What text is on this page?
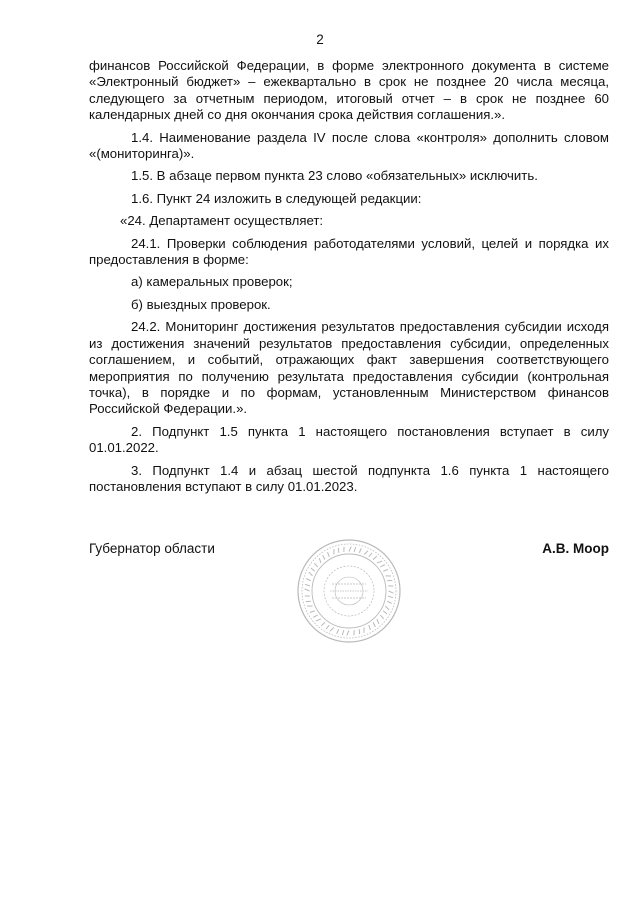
2

финансов Российской Федерации, в форме электронного документа в системе «Электронный бюджет» – ежеквартально в срок не позднее 20 числа месяца, следующего за отчетным периодом, итоговый отчет – в срок не позднее 60 календарных дней со дня окончания срока действия соглашения.».

1.4. Наименование раздела IV после слова «контроля» дополнить словом «(мониторинга)».

1.5. В абзаце первом пункта 23 слово «обязательных» исключить.

1.6. Пункт 24 изложить в следующей редакции:

«24. Департамент осуществляет:

24.1. Проверки соблюдения работодателями условий, целей и порядка их предоставления в форме:

а) камеральных проверок;

б) выездных проверок.

24.2. Мониторинг достижения результатов предоставления субсидии исходя из достижения значений результатов предоставления субсидии, определенных соглашением, и событий, отражающих факт завершения соответствующего мероприятия по получению результата предоставления субсидии (контрольная точка), в порядке и по формам, установленным Министерством финансов Российской Федерации.».

2. Подпункт 1.5 пункта 1 настоящего постановления вступает в силу 01.01.2022.

3. Подпункт 1.4 и абзац шестой подпункта 1.6 пункта 1 настоящего постановления вступают в силу 01.01.2023.

Губернатор области	А.В. Моор
